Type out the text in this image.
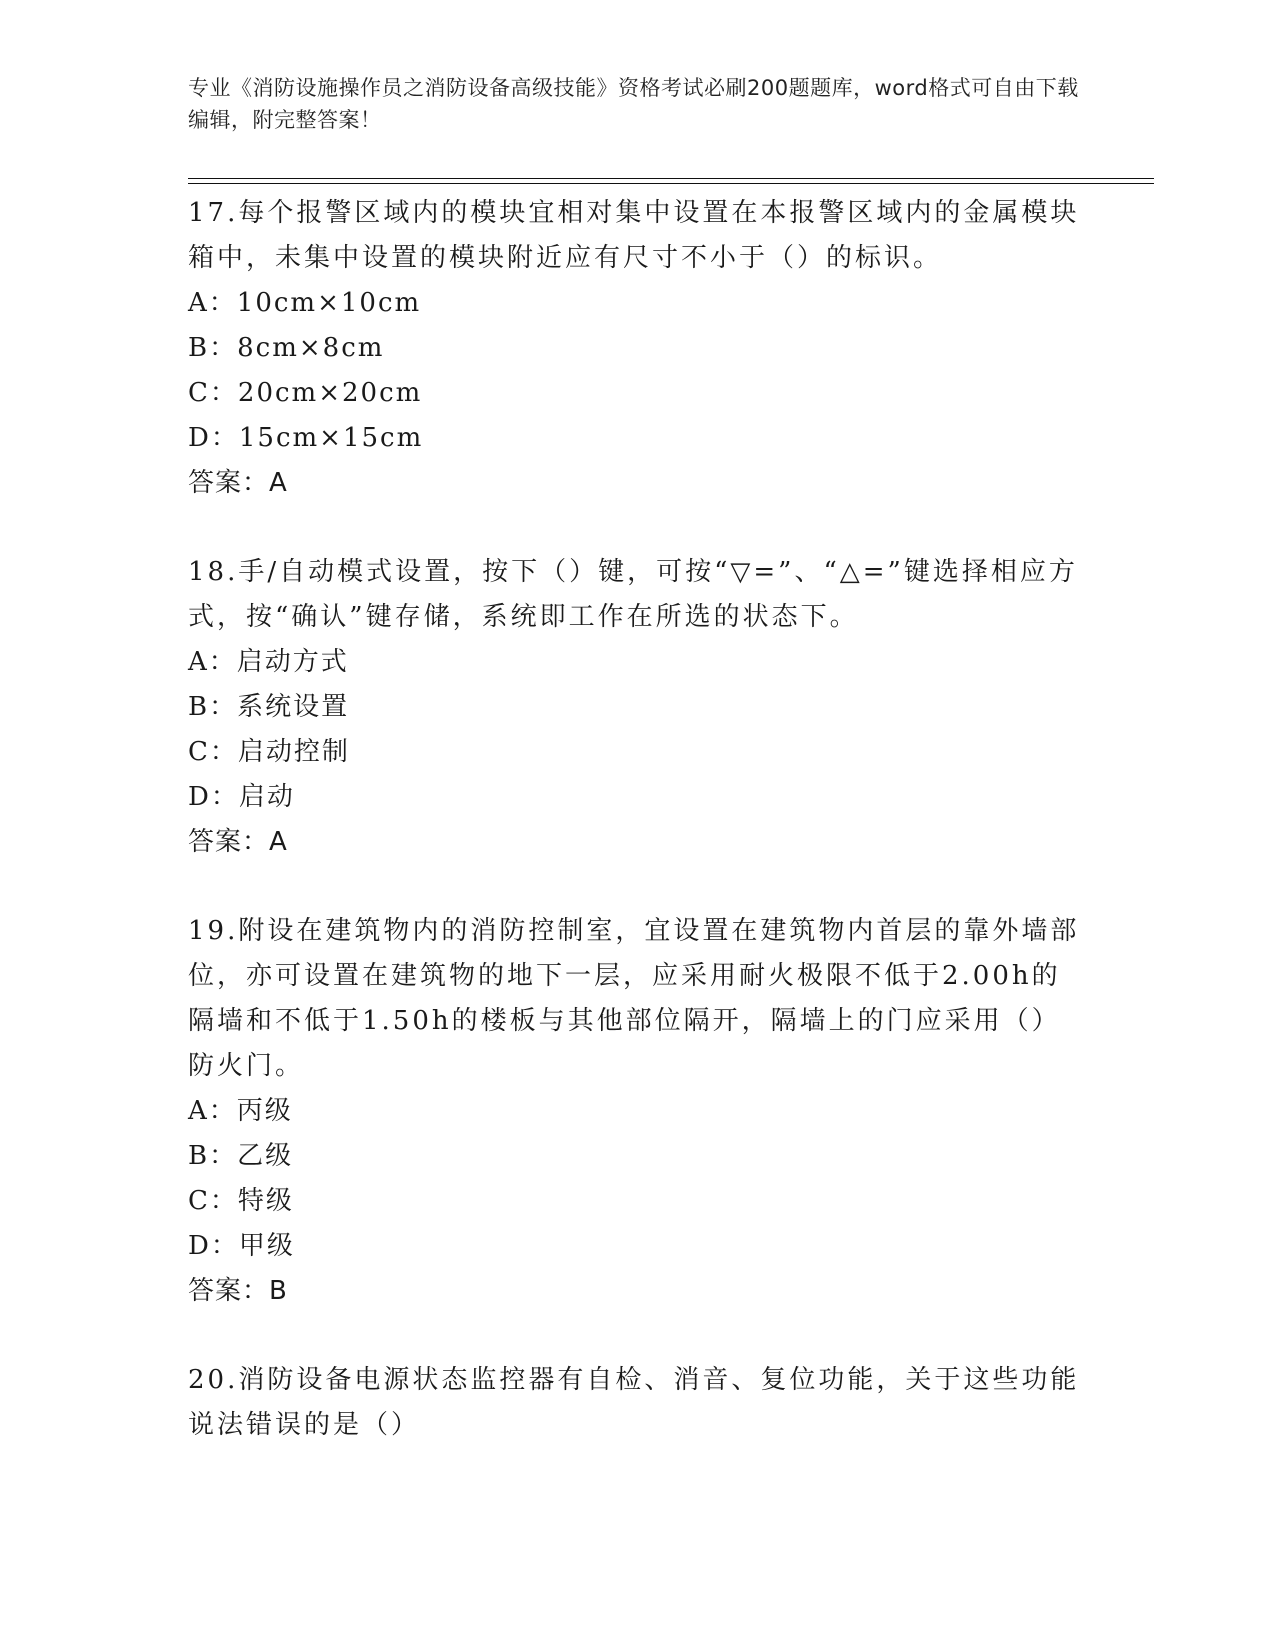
专业《消防设施操作员之消防设备高级技能》资格考试必刷200题题库，word格式可自由下载编辑，附完整答案！
17.每个报警区域内的模块宜相对集中设置在本报警区域内的金属模块箱中，未集中设置的模块附近应有尺寸不小于（）的标识。
A：10cm×10cm
B：8cm×8cm
C：20cm×20cm
D：15cm×15cm
答案：A
18.手/自动模式设置，按下（）键，可按“▽=”、“△=”键选择相应方式，按“确认”键存储，系统即工作在所选的状态下。
A：启动方式
B：系统设置
C：启动控制
D：启动
答案：A
19.附设在建筑物内的消防控制室，宜设置在建筑物内首层的靠外墙部位，亦可设置在建筑物的地下一层，应采用耐火极限不低于2.00h的隔墙和不低于1.50h的楼板与其他部位隔开，隔墙上的门应采用（）防火门。
A：丙级
B：乙级
C：特级
D：甲级
答案：B
20.消防设备电源状态监控器有自检、消音、复位功能，关于这些功能说法错误的是（）
